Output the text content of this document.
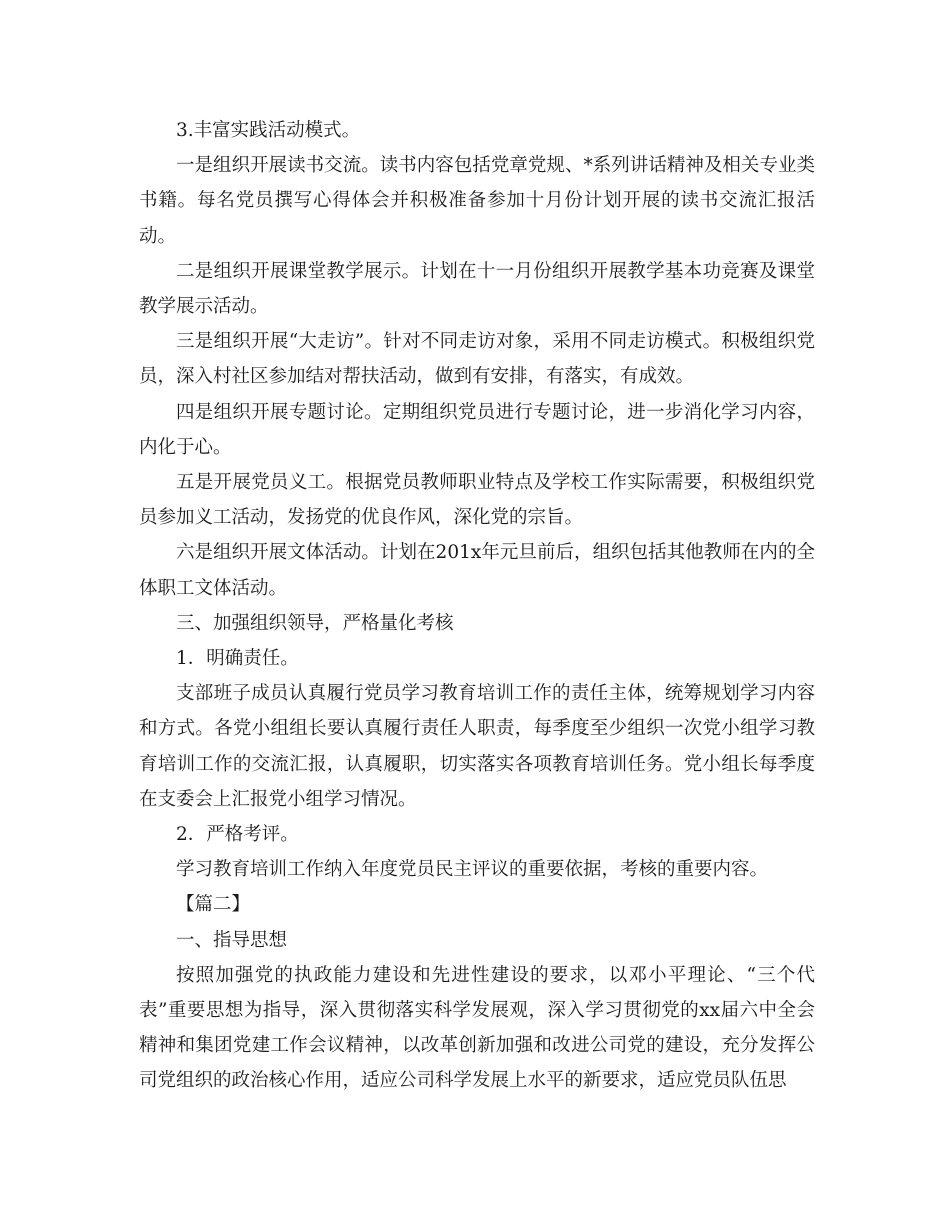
3.丰富实践活动模式。

一是组织开展读书交流。读书内容包括党章党规、*系列讲话精神及相关专业类书籍。每名党员撰写心得体会并积极准备参加十月份计划开展的读书交流汇报活动。

二是组织开展课堂教学展示。计划在十一月份组织开展教学基本功竞赛及课堂教学展示活动。

三是组织开展“大走访”。针对不同走访对象，采用不同走访模式。积极组织党员，深入村社区参加结对帮扶活动，做到有安排，有落实，有成效。

四是组织开展专题讨论。定期组织党员进行专题讨论，进一步消化学习内容，内化于心。

五是开展党员义工。根据党员教师职业特点及学校工作实际需要，积极组织党员参加义工活动，发扬党的优良作风，深化党的宗旨。

六是组织开展文体活动。计划在201x年元旦前后，组织包括其他教师在内的全体职工文体活动。

三、加强组织领导，严格量化考核

1．明确责任。

支部班子成员认真履行党员学习教育培训工作的责任主体，统筹规划学习内容和方式。各党小组组长要认真履行责任人职责，每季度至少组织一次党小组学习教育培训工作的交流汇报，认真履职，切实落实各项教育培训任务。党小组长每季度在支委会上汇报党小组学习情况。

2．严格考评。

学习教育培训工作纳入年度党员民主评议的重要依据，考核的重要内容。

【篇二】

一、指导思想

按照加强党的执政能力建设和先进性建设的要求，以邓小平理论、“三个代表”重要思想为指导，深入贯彻落实科学发展观，深入学习贯彻党的xx届六中全会精神和集团党建工作会议精神，以改革创新加强和改进公司党的建设，充分发挥公司党组织的政治核心作用，适应公司科学发展上水平的新要求，适应党员队伍思
